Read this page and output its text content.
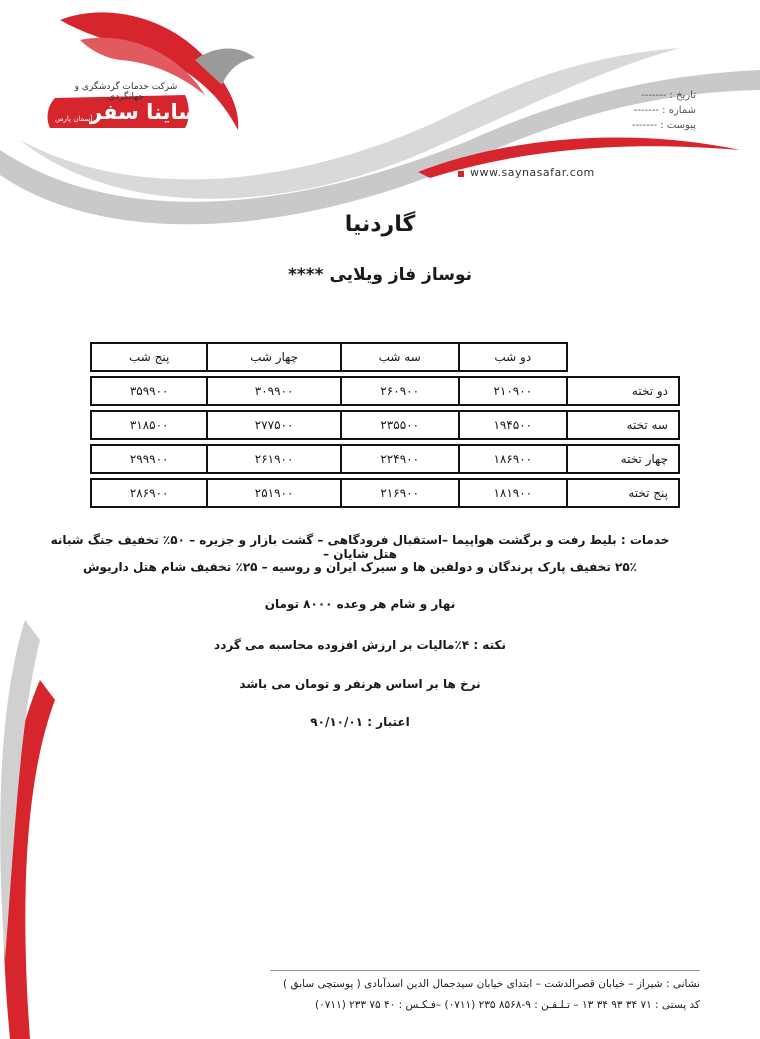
شرکت خدمات گردشگری و جهانگردی
ساینا سفر
آسمان پارس
تاریخ : -------
شماره : -------
پیوست : -------
www.saynasafar.com
گاردنیا
نوساز فاز ویلایی ****
	دو شب	سه شب	چهار شب	پنج شب
دو تخته	۲۱۰۹۰۰	۲۶۰۹۰۰	۳۰۹۹۰۰	۳۵۹۹۰۰
سه تخته	۱۹۴۵۰۰	۲۳۵۵۰۰	۲۷۷۵۰۰	۳۱۸۵۰۰
چهار تخته	۱۸۶۹۰۰	۲۲۴۹۰۰	۲۶۱۹۰۰	۲۹۹۹۰۰
پنج تخته	۱۸۱۹۰۰	۲۱۶۹۰۰	۲۵۱۹۰۰	۲۸۶۹۰۰
خدمات : بلیط رفت و برگشت هواپیما –استقبال فرودگاهی – گشت بازار و جزیره – ۵۰٪ تخفیف جنگ شبانه هتل شایان –
۲۵٪ تخفیف پارک پرندگان و دولفین ها و سیرک ایران و روسیه – ۲۵٪ تخفیف شام هتل داریوش
نهار و شام هر وعده ۸۰۰۰ تومان
نکته : ۴٪مالیات بر ارزش افزوده محاسبه می گردد
نرخ ها بر اساس هرنفر و تومان می باشد
اعتبار : ۹۰/۱۰/۰۱
نشانی : شیراز – خیابان قصرالدشت – ابتدای خیابان سیدجمال الدین اسدآبادی ( پوستچی سابق )
کد پستی : ۷۱ ۳۴ ۹۳ ۳۴ ۱۳ – تـلـفـن : ۹-۸۵۶۸ ۲۳۵ (۰۷۱۱) –فـکـس : ۴۰ ۷۵ ۲۳۳ (۰۷۱۱)
